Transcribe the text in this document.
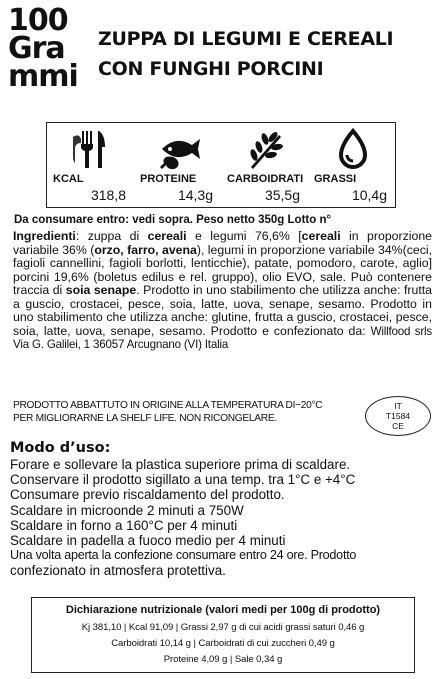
100
Gra
mmi
ZUPPA DI LEGUMI E CEREALI
CON FUNGHI PORCINI
KCAL
318,8
PROTEINE
14,3g
CARBOIDRATI
35,5g
GRASSI
10,4g
Da consumare entro: vedi sopra. Peso netto 350g Lotto n°
Ingredienti: zuppa di cereali e legumi 76,6% [cereali in proporzione variabile 36% (orzo, farro, avena), legumi in proporzione variabile 34%(ceci, fagioli cannellini, fagioli borlotti, lenticchie), patate, pomodoro, carote, aglio] porcini 19,6% (boletus edilus e rel. gruppo), olio EVO, sale. Può contenere traccia di soia senape. Prodotto in uno stabilimento che utilizza anche: frutta a guscio, crostacei, pesce, soia, latte, uova, senape, sesamo. Prodotto in uno stabilimento che utilizza anche: glutine, frutta a guscio, crostacei, pesce, soia, latte, uova, senape, sesamo. Prodotto e confezionato da: Willfood srls Via G. Galilei, 1 36057 Arcugnano (VI) Italia
PRODOTTO ABBATTUTO IN ORIGINE ALLA TEMPERATURA DI−20°C
PER MIGLIORARNE LA SHELF LIFE. NON RICONGELARE.
IT
T1584
CE
Modo d’uso:
Forare e sollevare la plastica superiore prima di scaldare.
Conservare il prodotto sigillato a una temp. tra 1°C e +4°C
Consumare previo riscaldamento del prodotto.
Scaldare in microonde 2 minuti a 750W
Scaldare in forno a 160°C per 4 minuti
Scaldare in padella a fuoco medio per 4 minuti
Una volta aperta la confezione consumare entro 24 ore. Prodotto
confezionato in atmosfera protettiva.
Dichiarazione nutrizionale (valori medi per 100g di prodotto)
Kj 381,10 | Kcal 91,09 | Grassi 2,97 g di cui acidi grassi saturi 0,46 g
Carboidrati 10,14 g | Carboidrati di cui zuccheri 0,49 g
Proteine 4,09 g | Sale 0,34 g
